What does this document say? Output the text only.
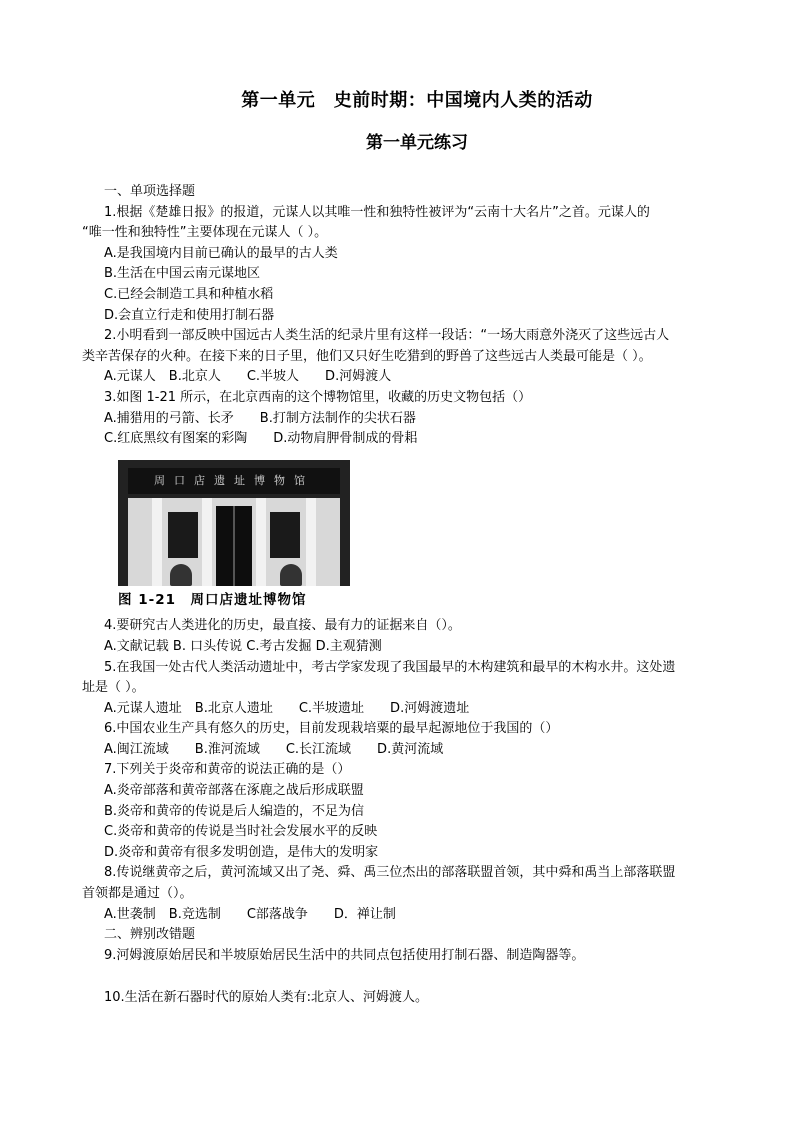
第一单元　史前时期：中国境内人类的活动
第一单元练习
一、单项选择题
1.根据《楚雄日报》的报道，元谋人以其唯一性和独特性被评为“云南十大名片”之首。元谋人的
“唯一性和独特性”主要体现在元谋人（ ）。
A.是我国境内目前已确认的最早的古人类
B.生活在中国云南元谋地区
C.已经会制造工具和种植水稻
D.会直立行走和使用打制石器
2.小明看到一部反映中国远古人类生活的纪录片里有这样一段话：“一场大雨意外浇灭了这些远古人
类辛苦保存的火种。在接下来的日子里，他们又只好生吃猎到的野兽了这些远古人类最可能是（ ）。
A.元谋人　B.北京人　　C.半坡人　　D.河姆渡人
3.如图 1-21 所示，在北京西南的这个博物馆里，收藏的历史文物包括（）
A.捕猎用的弓箭、长矛　　B.打制方法制作的尖状石器
C.红底黑纹有图案的彩陶　　D.动物肩胛骨制成的骨耜
周口店遗址博物馆
图 1-21　周口店遗址博物馆
4.要研究古人类进化的历史，最直接、最有力的证据来自（）。
A.文献记载 B. 口头传说 C.考古发掘 D.主观猜测
5.在我国一处古代人类活动遗址中，考古学家发现了我国最早的木构建筑和最早的木构水井。这处遗
址是（ ）。
A.元谋人遗址　B.北京人遗址　　C.半坡遗址　　D.河姆渡遗址
6.中国农业生产具有悠久的历史，目前发现栽培粟的最早起源地位于我国的（）
A.闽江流域　　B.淮河流域　　C.长江流域　　D.黄河流域
7.下列关于炎帝和黄帝的说法正确的是（）
A.炎帝部落和黄帝部落在涿鹿之战后形成联盟
B.炎帝和黄帝的传说是后人编造的，不足为信
C.炎帝和黄帝的传说是当时社会发展水平的反映
D.炎帝和黄帝有很多发明创造，是伟大的发明家
8.传说继黄帝之后，黄河流域又出了尧、舜、禹三位杰出的部落联盟首领，其中舜和禹当上部落联盟
首领都是通过（）。
A.世袭制　B.竞选制　　C部落战争　　D．禅让制
二、辨别改错题
9.河姆渡原始居民和半坡原始居民生活中的共同点包括使用打制石器、制造陶器等。
10.生活在新石器时代的原始人类有:北京人、河姆渡人。
